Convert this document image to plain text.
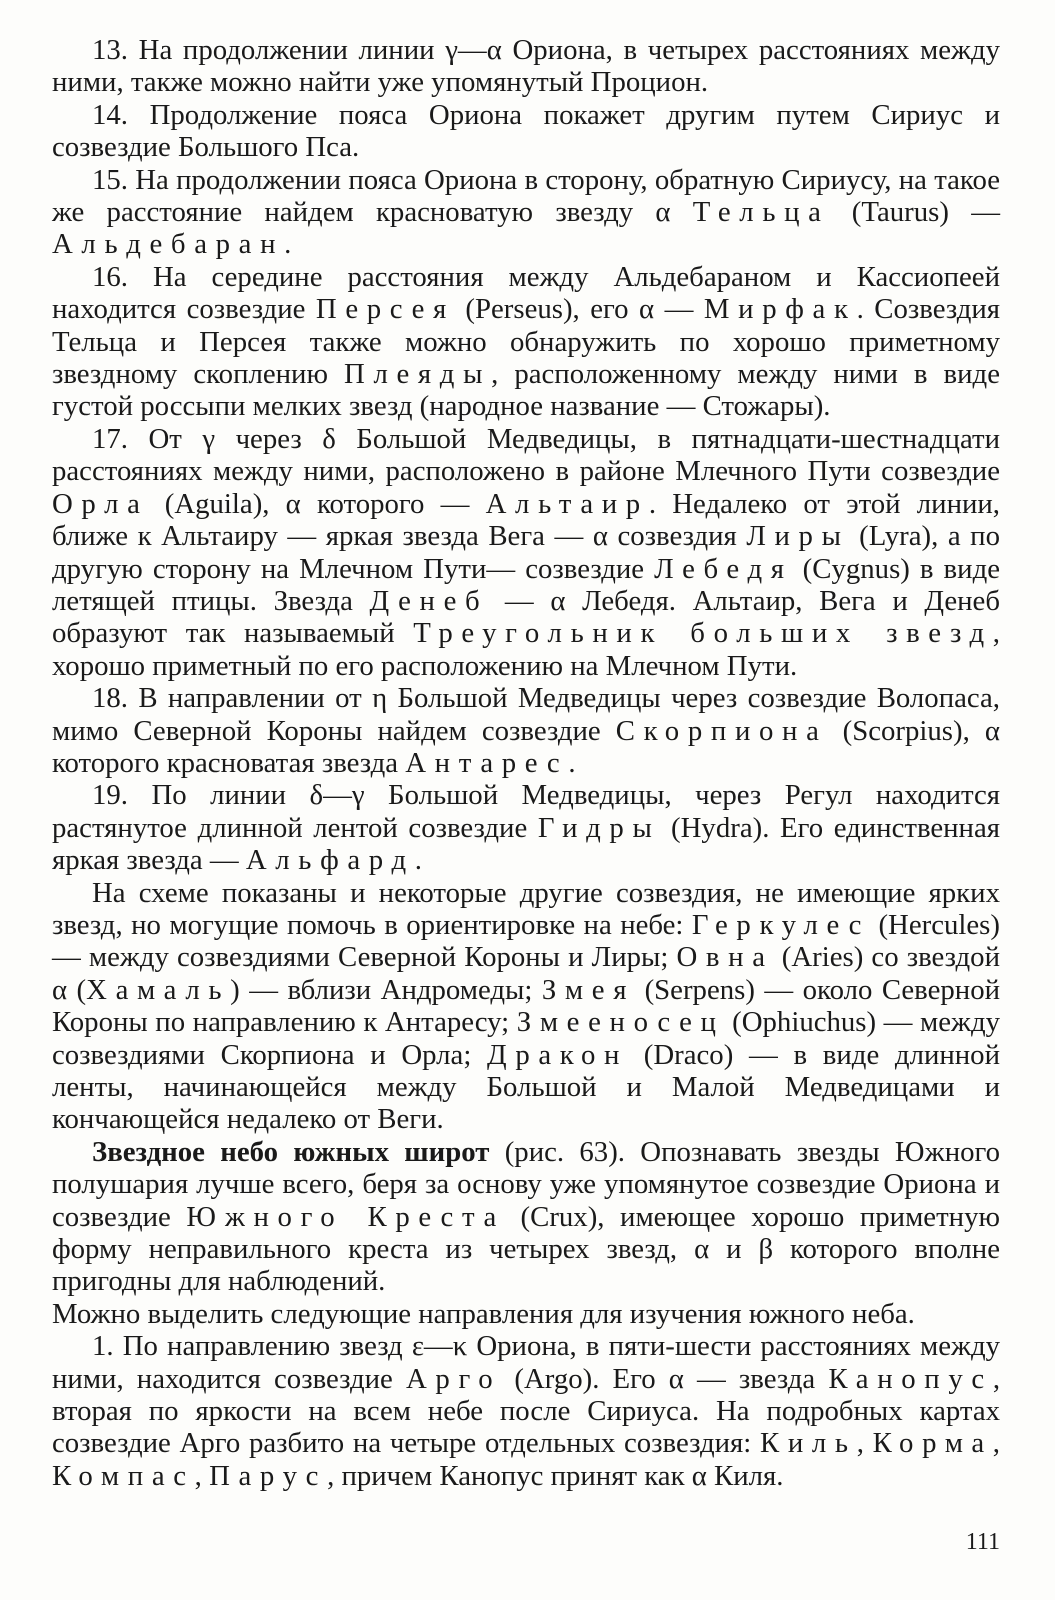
13. На продолжении линии γ—α Ориона, в четырех расстояниях между ними, также можно найти уже упомянутый Процион.

14. Продолжение пояса Ориона покажет другим путем Сириус и созвездие Большого Пса.

15. На продолжении пояса Ориона в сторону, обратную Сириусу, на такое же расстояние найдем красноватую звезду α Тельца (Taurus) — Альдебаран.

16. На середине расстояния между Альдебараном и Кассиопеей находится созвездие Персея (Perseus), его α — Мирфак. Созвездия Тельца и Персея также можно обнаружить по хорошо приметному звездному скоплению Плеяды, расположенному между ними в виде густой россыпи мелких звезд (народное название — Стожары).

17. От γ через δ Большой Медведицы, в пятнадцати-шестнадцати расстояниях между ними, расположено в районе Млечного Пути созвездие Орла (Aguila), α которого — Альтаир. Недалеко от этой линии, ближе к Альтаиру — яркая звезда Вега — α созвездия Лиры (Lyra), а по другую сторону на Млечном Пути— созвездие Лебедя (Cygnus) в виде летящей птицы. Звезда Денеб — α Лебедя. Альтаир, Вега и Денеб образуют так называемый Треугольник больших звезд, хорошо приметный по его расположению на Млечном Пути.

18. В направлении от η Большой Медведицы через созвездие Волопаса, мимо Северной Короны найдем созвездие Скорпиона (Scorpius), α которого красноватая звезда Антарес.

19. По линии δ—γ Большой Медведицы, через Регул находится растянутое длинной лентой созвездие Гидры (Hydra). Его единственная яркая звезда — Альфард.

На схеме показаны и некоторые другие созвездия, не имеющие ярких звезд, но могущие помочь в ориентировке на небе: Геркулес (Hercules) — между созвездиями Северной Короны и Лиры; Овна (Aries) со звездой α (Хамаль) — вблизи Андромеды; Змея (Serpens) — около Северной Короны по направлению к Антаресу; Змееносец (Ophiuchus) — между созвездиями Скорпиона и Орла; Дракон (Draco) — в виде длинной ленты, начинающейся между Большой и Малой Медведицами и кончающейся недалеко от Веги.

Звездное небо южных широт (рис. 63). Опознавать звезды Южного полушария лучше всего, беря за основу уже упомянутое созвездие Ориона и созвездие Южного Креста (Crux), имеющее хорошо приметную форму неправильного креста из четырех звезд, α и β которого вполне пригодны для наблюдений.

Можно выделить следующие направления для изучения южного неба.

1. По направлению звезд ε—κ Ориона, в пяти-шести расстояниях между ними, находится созвездие Арго (Argo). Его α — звезда Канопус, вторая по яркости на всем небе после Сириуса. На подробных картах созвездие Арго разбито на четыре отдельных созвездия: Киль, Корма, Компас, Парус, причем Канопус принят как α Киля.

111
